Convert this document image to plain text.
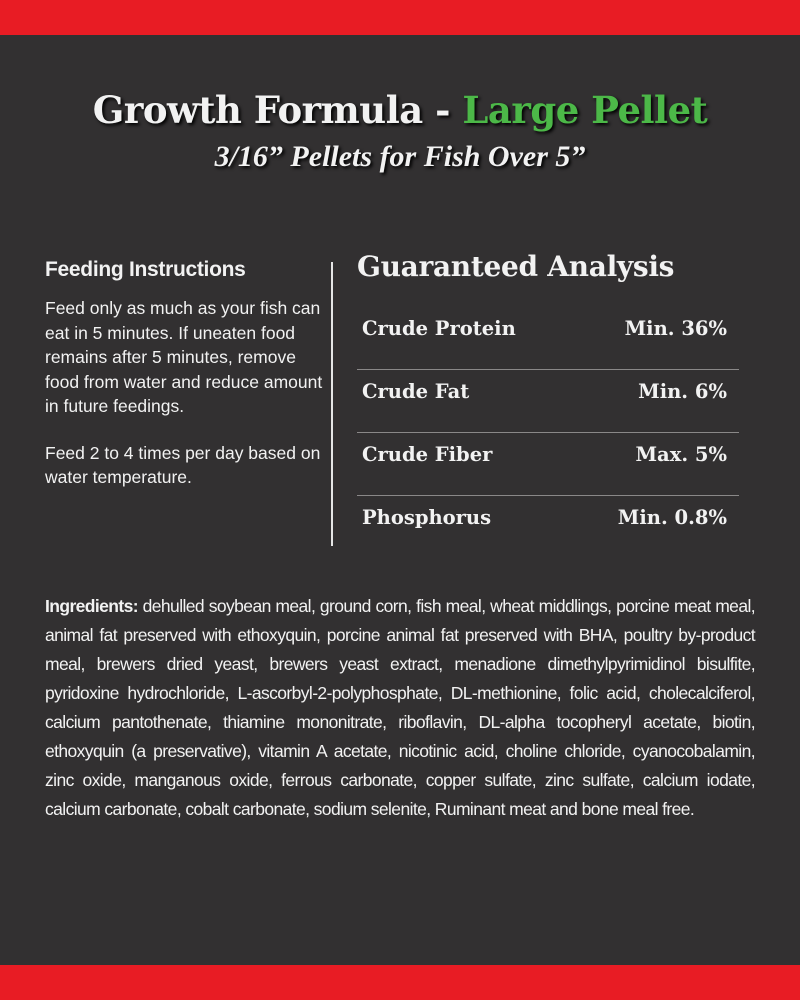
Growth Formula - Large Pellet
3/16” Pellets for Fish Over 5”
Feeding Instructions

Feed only as much as your fish can eat in 5 minutes. If uneaten food remains after 5 minutes, remove food from water and reduce amount in future feedings.

Feed 2 to 4 times per day based on water temperature.

Guaranteed Analysis
Crude Protein	Min. 36%
Crude Fat	Min. 6%
Crude Fiber	Max. 5%
Phosphorus	Min. 0.8%
Ingredients: dehulled soybean meal, ground corn, fish meal, wheat middlings, porcine meat meal, animal fat preserved with ethoxyquin, porcine animal fat preserved with BHA, poultry by-product meal, brewers dried yeast, brewers yeast extract, menadione dimethylpyrimidinol bisulfite, pyridoxine hydrochloride, L-ascorbyl-2-polyphosphate, DL-methionine, folic acid, cholecalciferol, calcium pantothenate, thiamine mononitrate, riboflavin, DL-alpha tocopheryl acetate, biotin, ethoxyquin (a preservative), vitamin A acetate, nicotinic acid, choline chloride, cyanocobalamin, zinc oxide, manganous oxide, ferrous carbonate, copper sulfate, zinc sulfate, calcium iodate, calcium carbonate, cobalt carbonate, sodium selenite, Ruminant meat and bone meal free.
